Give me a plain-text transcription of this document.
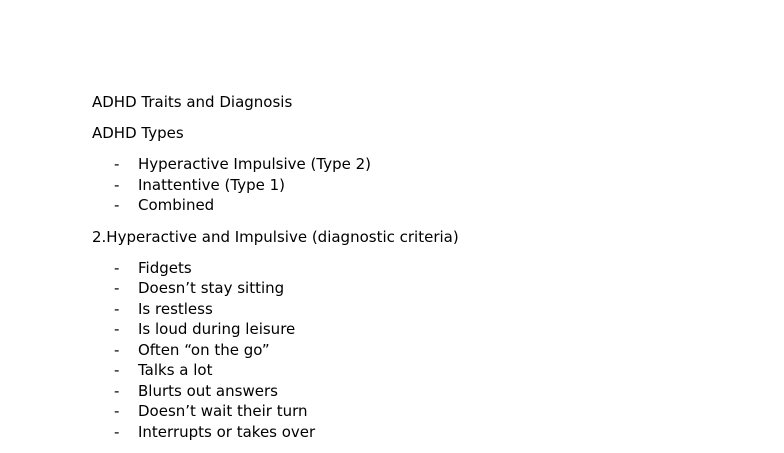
ADHD Traits and Diagnosis

ADHD Types

- Hyperactive Impulsive (Type 2)
- Inattentive (Type 1)
- Combined

2.Hyperactive and Impulsive (diagnostic criteria)

- Fidgets
- Doesn’t stay sitting
- Is restless
- Is loud during leisure
- Often “on the go”
- Talks a lot
- Blurts out answers
- Doesn’t wait their turn
- Interrupts or takes over
